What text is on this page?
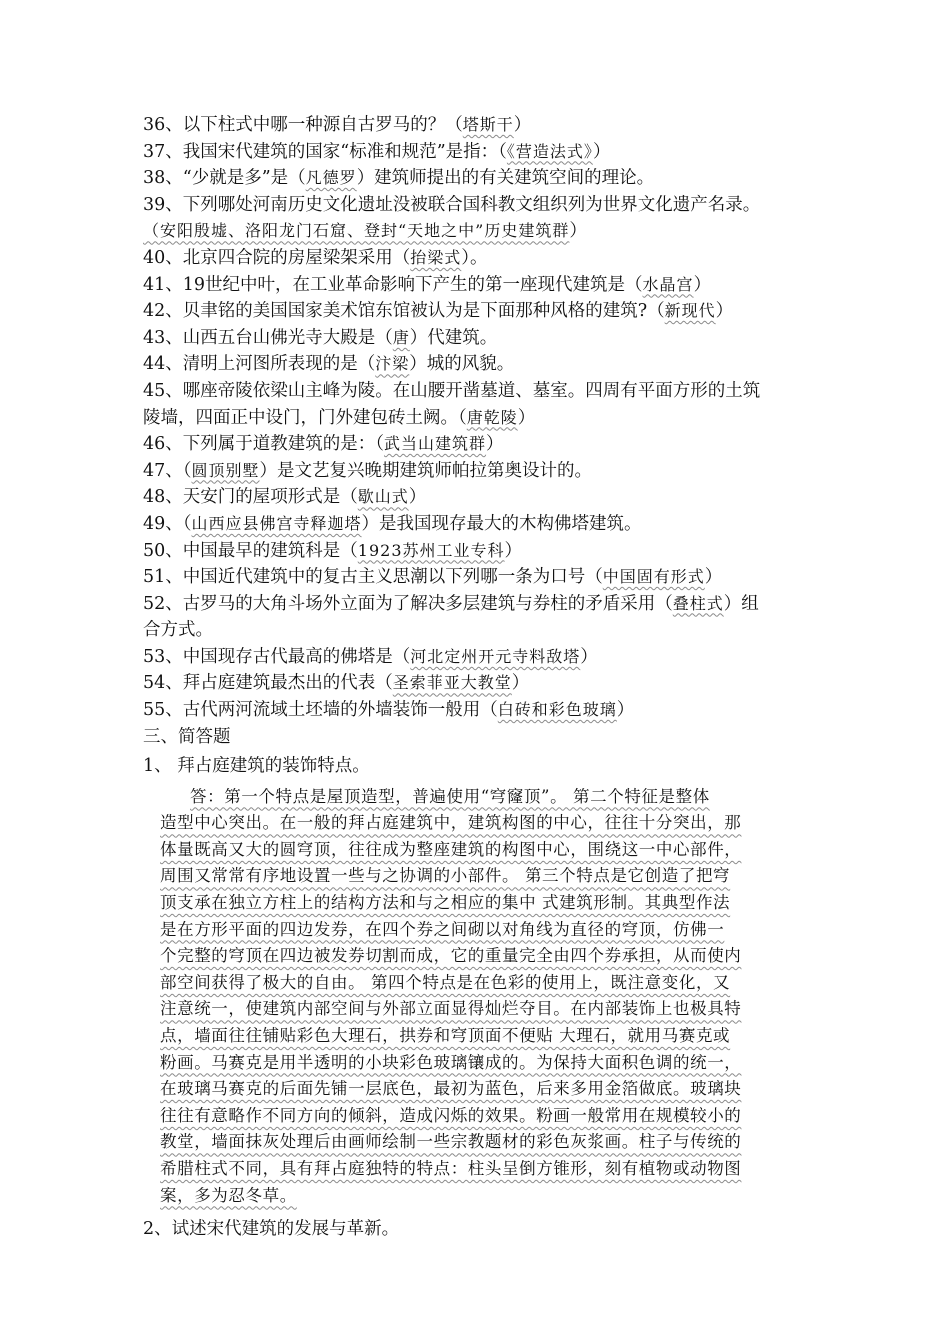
36、以下柱式中哪一种源自古罗马的？（塔斯干）
37、我国宋代建筑的国家“标准和规范”是指：（《营造法式》）
38、“少就是多”是（凡德罗）建筑师提出的有关建筑空间的理论。
39、下列哪处河南历史文化遗址没被联合国科教文组织列为世界文化遗产名录。
（安阳殷墟、洛阳龙门石窟、登封“天地之中”历史建筑群）
40、北京四合院的房屋梁架采用（抬梁式）。
41、19世纪中叶，在工业革命影响下产生的第一座现代建筑是（水晶宫）
42、贝聿铭的美国国家美术馆东馆被认为是下面那种风格的建筑?（新现代）
43、山西五台山佛光寺大殿是（唐）代建筑。
44、清明上河图所表现的是（汴梁）城的风貌。
45、哪座帝陵依梁山主峰为陵。在山腰开凿墓道、墓室。四周有平面方形的土筑
陵墙，四面正中设门，门外建包砖土阙。（唐乾陵）
46、下列属于道教建筑的是：（武当山建筑群）
47、（圆顶别墅）是文艺复兴晚期建筑师帕拉第奥设计的。
48、天安门的屋项形式是（歇山式）
49、（山西应县佛宫寺释迦塔）是我国现存最大的木构佛塔建筑。
50、中国最早的建筑科是（1923苏州工业专科）
51、中国近代建筑中的复古主义思潮以下列哪一条为口号（中国固有形式）
52、古罗马的大角斗场外立面为了解决多层建筑与券柱的矛盾采用（叠柱式）组
合方式。
53、中国现存古代最高的佛塔是（河北定州开元寺料敌塔）
54、拜占庭建筑最杰出的代表（圣索菲亚大教堂）
55、古代两河流域土坯墙的外墙装饰一般用（白砖和彩色玻璃）
三、简答题
1、 拜占庭建筑的装饰特点。
答：第一个特点是屋顶造型，普遍使用“穹窿顶”。 第二个特征是整体
造型中心突出。在一般的拜占庭建筑中，建筑构图的中心，往往十分突出，那
体量既高又大的圆穹顶，往往成为整座建筑的构图中心，围绕这一中心部件，
周围又常常有序地设置一些与之协调的小部件。 第三个特点是它创造了把穹
顶支承在独立方柱上的结构方法和与之相应的集中 式建筑形制。其典型作法
是在方形平面的四边发券，在四个券之间砌以对角线为直径的穹顶，仿佛一
个完整的穹顶在四边被发券切割而成，它的重量完全由四个券承担，从而使内
部空间获得了极大的自由。 第四个特点是在色彩的使用上，既注意变化，又
注意统一，使建筑内部空间与外部立面显得灿烂夺目。在内部装饰上也极具特
点，墙面往往铺贴彩色大理石，拱券和穹顶面不便贴 大理石，就用马赛克或
粉画。马赛克是用半透明的小块彩色玻璃镶成的。为保持大面积色调的统一，
在玻璃马赛克的后面先铺一层底色，最初为蓝色，后来多用金箔做底。玻璃块
往往有意略作不同方向的倾斜，造成闪烁的效果。粉画一般常用在规模较小的
教堂，墙面抹灰处理后由画师绘制一些宗教题材的彩色灰浆画。柱子与传统的
希腊柱式不同，具有拜占庭独特的特点：柱头呈倒方锥形，刻有植物或动物图
案，多为忍冬草。
2、试述宋代建筑的发展与革新。
